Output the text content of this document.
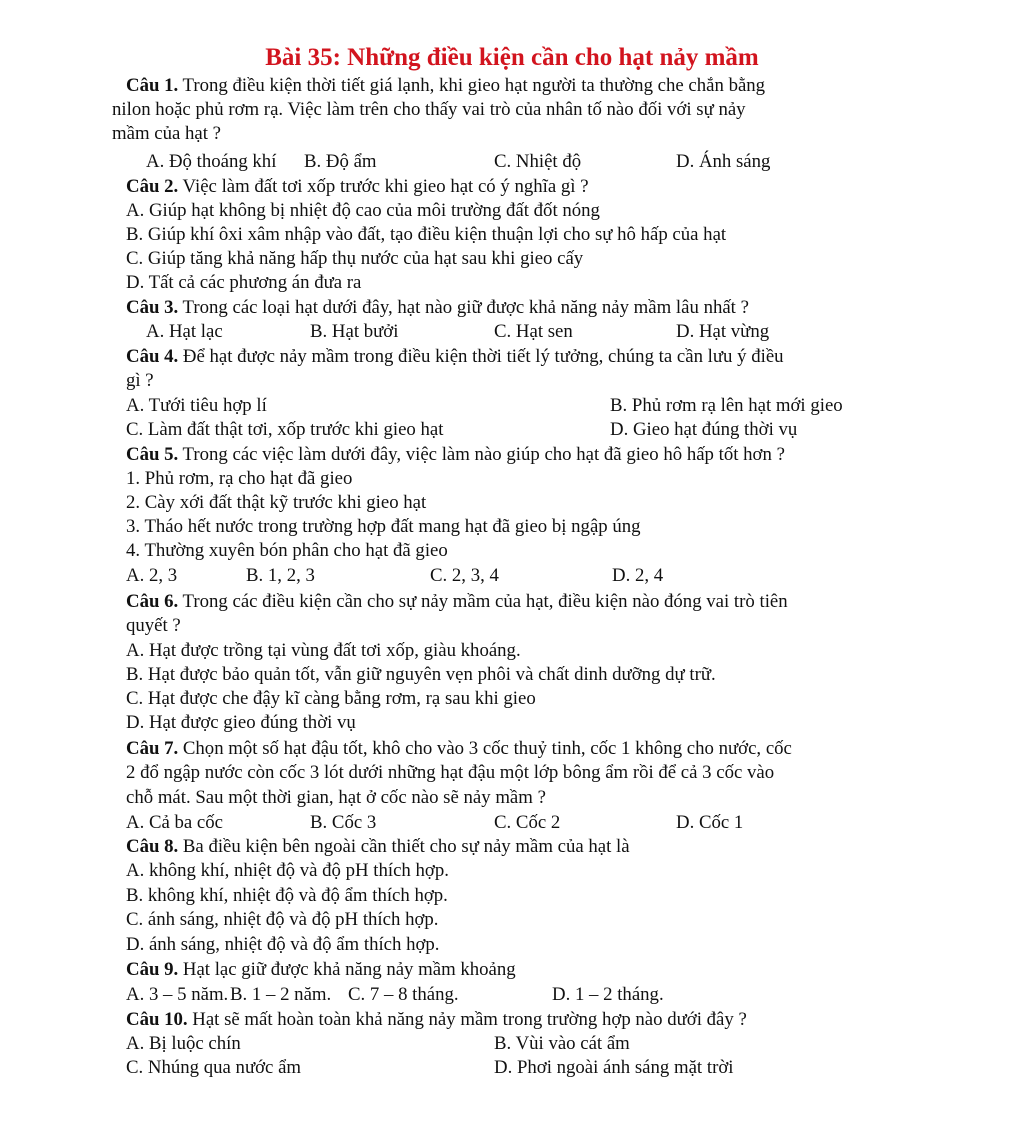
Bài 35: Những điều kiện cần cho hạt nảy mầm
Câu 1. Trong điều kiện thời tiết giá lạnh, khi gieo hạt người ta thường che chắn bằng
nilon hoặc phủ rơm rạ. Việc làm trên cho thấy vai trò của nhân tố nào đối với sự nảy
mầm của hạt ?
A. Độ thoáng khí B. Độ ẩm	C. Nhiệt độ	D. Ánh sáng
Câu 2. Việc làm đất tơi xốp trước khi gieo hạt có ý nghĩa gì ?
A. Giúp hạt không bị nhiệt độ cao của môi trường đất đốt nóng
B. Giúp khí ôxi xâm nhập vào đất, tạo điều kiện thuận lợi cho sự hô hấp của hạt
C. Giúp tăng khả năng hấp thụ nước của hạt sau khi gieo cấy
D. Tất cả các phương án đưa ra
Câu 3. Trong các loại hạt dưới đây, hạt nào giữ được khả năng nảy mầm lâu nhất ?
A. Hạt lạc	B. Hạt bưởi	C. Hạt sen	D. Hạt vừng
Câu 4. Để hạt được nảy mầm trong điều kiện thời tiết lý tưởng, chúng ta cần lưu ý điều
gì ?
A. Tưới tiêu hợp lí	B. Phủ rơm rạ lên hạt mới gieo
C. Làm đất thật tơi, xốp trước khi gieo hạt	D. Gieo hạt đúng thời vụ
Câu 5. Trong các việc làm dưới đây, việc làm nào giúp cho hạt đã gieo hô hấp tốt hơn ?
1. Phủ rơm, rạ cho hạt đã gieo
2. Cày xới đất thật kỹ trước khi gieo hạt
3. Tháo hết nước trong trường hợp đất mang hạt đã gieo bị ngập úng
4. Thường xuyên bón phân cho hạt đã gieo
A. 2, 3	B. 1, 2, 3	C. 2, 3, 4	D. 2, 4
Câu 6. Trong các điều kiện cần cho sự nảy mầm của hạt, điều kiện nào đóng vai trò tiên
quyết ?
A. Hạt được trồng tại vùng đất tơi xốp, giàu khoáng.
B. Hạt được bảo quản tốt, vẫn giữ nguyên vẹn phôi và chất dinh dưỡng dự trữ.
C. Hạt được che đậy kĩ càng bằng rơm, rạ sau khi gieo
D. Hạt được gieo đúng thời vụ
Câu 7. Chọn một số hạt đậu tốt, khô cho vào 3 cốc thuỷ tinh, cốc 1 không cho nước, cốc
2 đổ ngập nước còn cốc 3 lót dưới những hạt đậu một lớp bông ẩm rồi để cả 3 cốc vào
chỗ mát. Sau một thời gian, hạt ở cốc nào sẽ nảy mầm ?
A. Cả ba cốc	B. Cốc 3	C. Cốc 2	D. Cốc 1
Câu 8. Ba điều kiện bên ngoài cần thiết cho sự nảy mầm của hạt là
A. không khí, nhiệt độ và độ pH thích hợp.
B. không khí, nhiệt độ và độ ẩm thích hợp.
C. ánh sáng, nhiệt độ và độ pH thích hợp.
D. ánh sáng, nhiệt độ và độ ẩm thích hợp.
Câu 9. Hạt lạc giữ được khả năng nảy mầm khoảng
A. 3 – 5 năm. B. 1 – 2 năm. C. 7 – 8 tháng.	D. 1 – 2 tháng.
Câu 10. Hạt sẽ mất hoàn toàn khả năng nảy mầm trong trường hợp nào dưới đây ?
A. Bị luộc chín	B. Vùi vào cát ẩm
C. Nhúng qua nước ẩm	D. Phơi ngoài ánh sáng mặt trời
